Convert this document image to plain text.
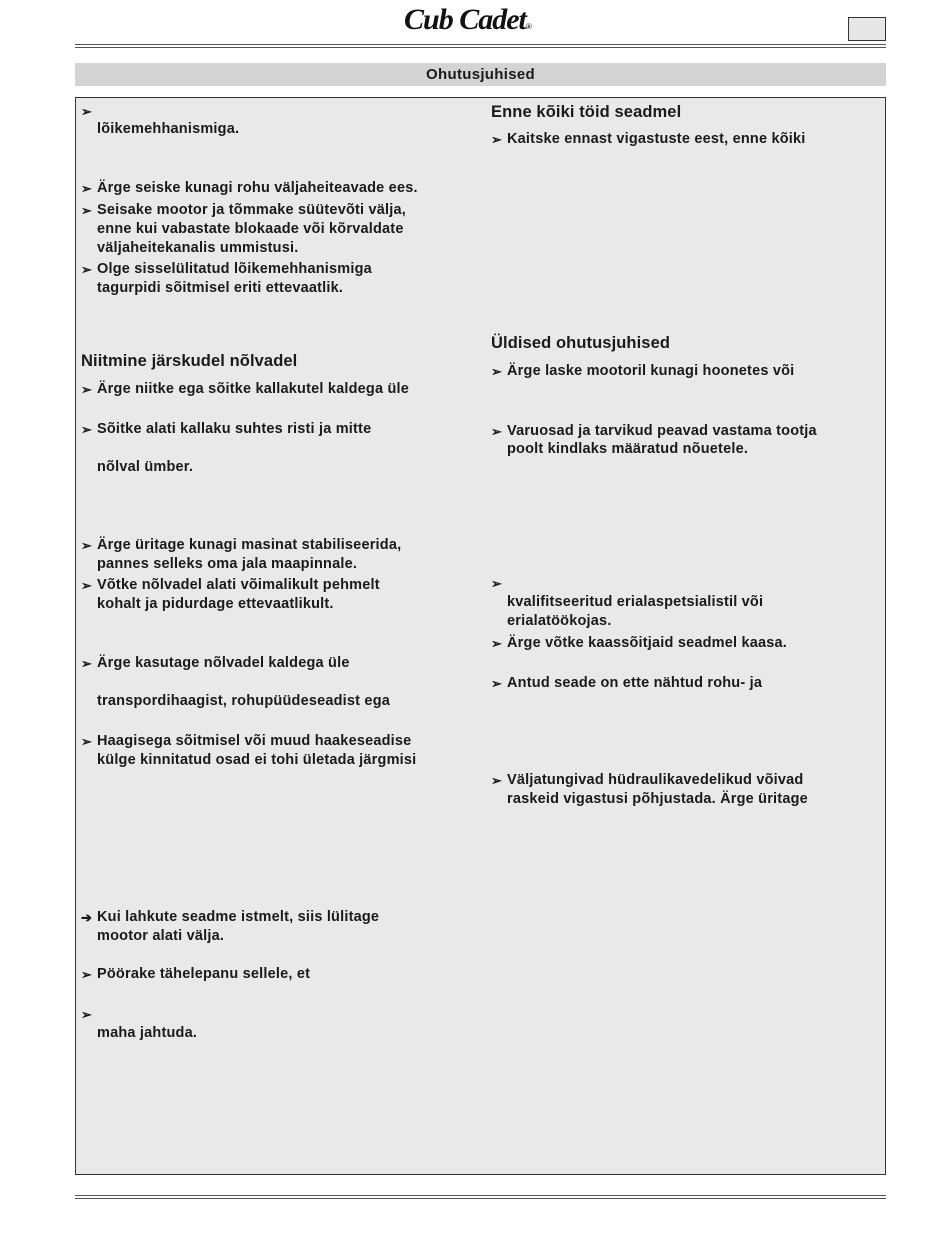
Cub Cadet®
Ohutusjuhised
➢
lõikemehhanismiga.
➢ Ärge seiske kunagi rohu väljaheiteavade ees.
➢ Seisake mootor ja tõmmake süütevõti välja,
enne kui vabastate blokaade või kõrvaldate
väljaheitekanalis ummistusi.
➢ Olge sisselülitatud lõikemehhanismiga
tagurpidi sõitmisel eriti ettevaatlik.
Niitmine järskudel nõlvadel
➢ Ärge niitke ega sõitke kallakutel kaldega üle
➢ Sõitke alati kallaku suhtes risti ja mitte
nõlval ümber.
➢ Ärge üritage kunagi masinat stabiliseerida,
pannes selleks oma jala maapinnale.
➢ Võtke nõlvadel alati võimalikult pehmelt
kohalt ja pidurdage ettevaatlikult.
➢ Ärge kasutage nõlvadel kaldega üle
transpordihaagist, rohupüüdeseadist ega
➢ Haagisega sõitmisel või muud haakeseadise
külge kinnitatud osad ei tohi ületada järgmisi
➔ Kui lahkute seadme istmelt, siis lülitage
mootor alati välja.
➢ Pöörake tähelepanu sellele, et
➢
maha jahtuda.
Enne kõiki töid seadmel
➢ Kaitske ennast vigastuste eest, enne kõiki
Üldised ohutusjuhised
➢ Ärge laske mootoril kunagi hoonetes või
➢ Varuosad ja tarvikud peavad vastama tootja
poolt kindlaks määratud nõuetele.
➢
kvalifitseeritud erialaspetsialistil või
erialatöökojas.
➢ Ärge võtke kaassõitjaid seadmel kaasa.
➢ Antud seade on ette nähtud rohu- ja
➢ Väljatungivad hüdraulikavedelikud võivad
raskeid vigastusi põhjustada. Ärge üritage
